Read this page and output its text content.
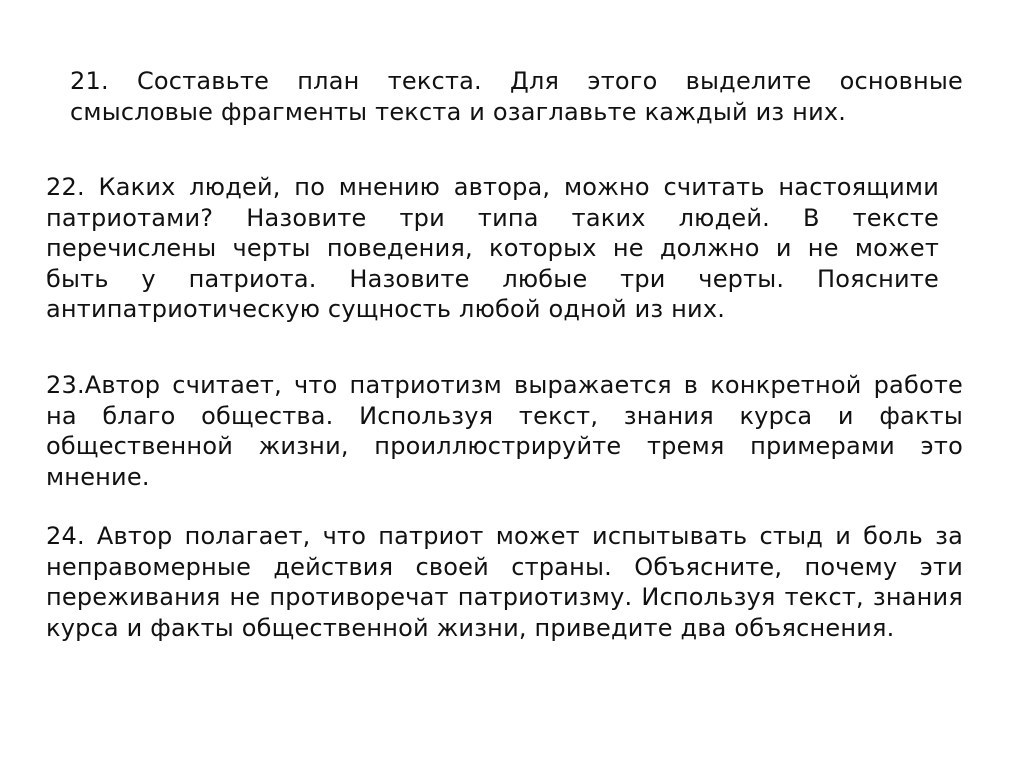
21. Составьте план текста. Для этого выделите основные смысловые фрагменты текста и озаглавьте каждый из них.

22. Каких людей, по мнению автора, можно считать настоящими патриотами? Назовите три типа таких людей. В тексте перечислены черты поведения, которых не должно и не может быть у патриота. Назовите любые три черты. Поясните антипатриотическую сущность любой одной из них.

23.Автор считает, что патриотизм выражается в конкретной работе на благо общества. Используя текст, знания курса и факты общественной жизни, проиллюстрируйте тремя примерами это мнение.

24. Автор полагает, что патриот может испытывать стыд и боль за неправомерные действия своей страны. Объясните, почему эти переживания не противоречат патриотизму. Используя текст, знания курса и факты общественной жизни, приведите два объяснения.
